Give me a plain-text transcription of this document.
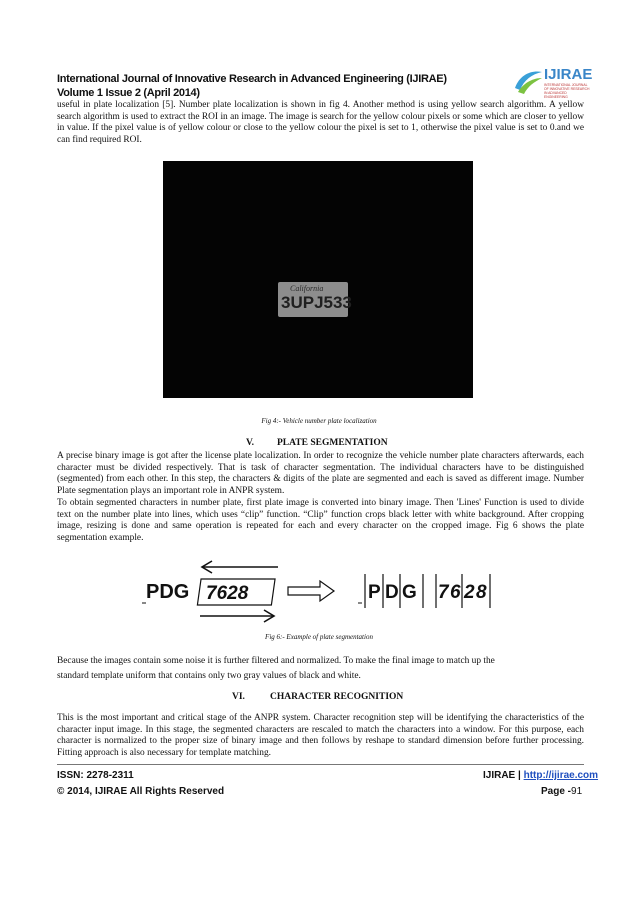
International Journal of Innovative Research in Advanced Engineering (IJIRAE)
Volume 1 Issue 2 (April 2014)
IJIRAE
INTERNATIONAL JOURNAL OF INNOVATIVE RESEARCH IN ADVANCED ENGINEERING

useful in plate localization [5]. Number plate localization is shown in fig 4. Another method is using yellow search algorithm. A yellow search algorithm is used to extract the ROI in an image. The image is search for the yellow colour pixels or some which are closer to yellow in value. If the pixel value is of yellow colour or close to the yellow colour the pixel is set to 1, otherwise the pixel value is set to 0.and we can find required ROI.

California
3UPJ533
Fig 4:- Vehicle number plate localization
V. PLATE SEGMENTATION

A precise binary image is got after the license plate localization. In order to recognize the vehicle number plate characters afterwards, each character must be divided respectively. That is task of character segmentation. The individual characters have to be distinguished (segmented) from each other. In this step, the characters & digits of the plate are segmented and each is saved as different image. Number Plate segmentation plays an important role in ANPR system.

To obtain segmented characters in number plate, first plate image is converted into binary image. Then 'Lines' Function is used to divide text on the number plate into lines, which uses “clip” function. “Clip” function crops black letter with white background. After cropping image, resizing is done and same operation is repeated for each and every character on the cropped image. Fig 6 shows the plate segmentation example.

PDG 7628	P D G 7 6 2 8
Fig 6:- Example of plate segmentation

Because the images contain some noise it is further filtered and normalized. To make the final image to match up the

standard template uniform that contains only two gray values of black and white.

VI.	CHARACTER RECOGNITION

This is the most important and critical stage of the ANPR system. Character recognition step will be identifying the characteristics of the character input image. In this stage, the segmented characters are rescaled to match the characters into a window. For this purpose, each character is normalized to the proper size of binary image and then follows by reshape to standard dimension before further processing. Fitting approach is also necessary for template matching.

ISSN: 2278-2311
© 2014, IJIRAE All Rights Reserved
IJIRAE | http://ijirae.com
Page -91
